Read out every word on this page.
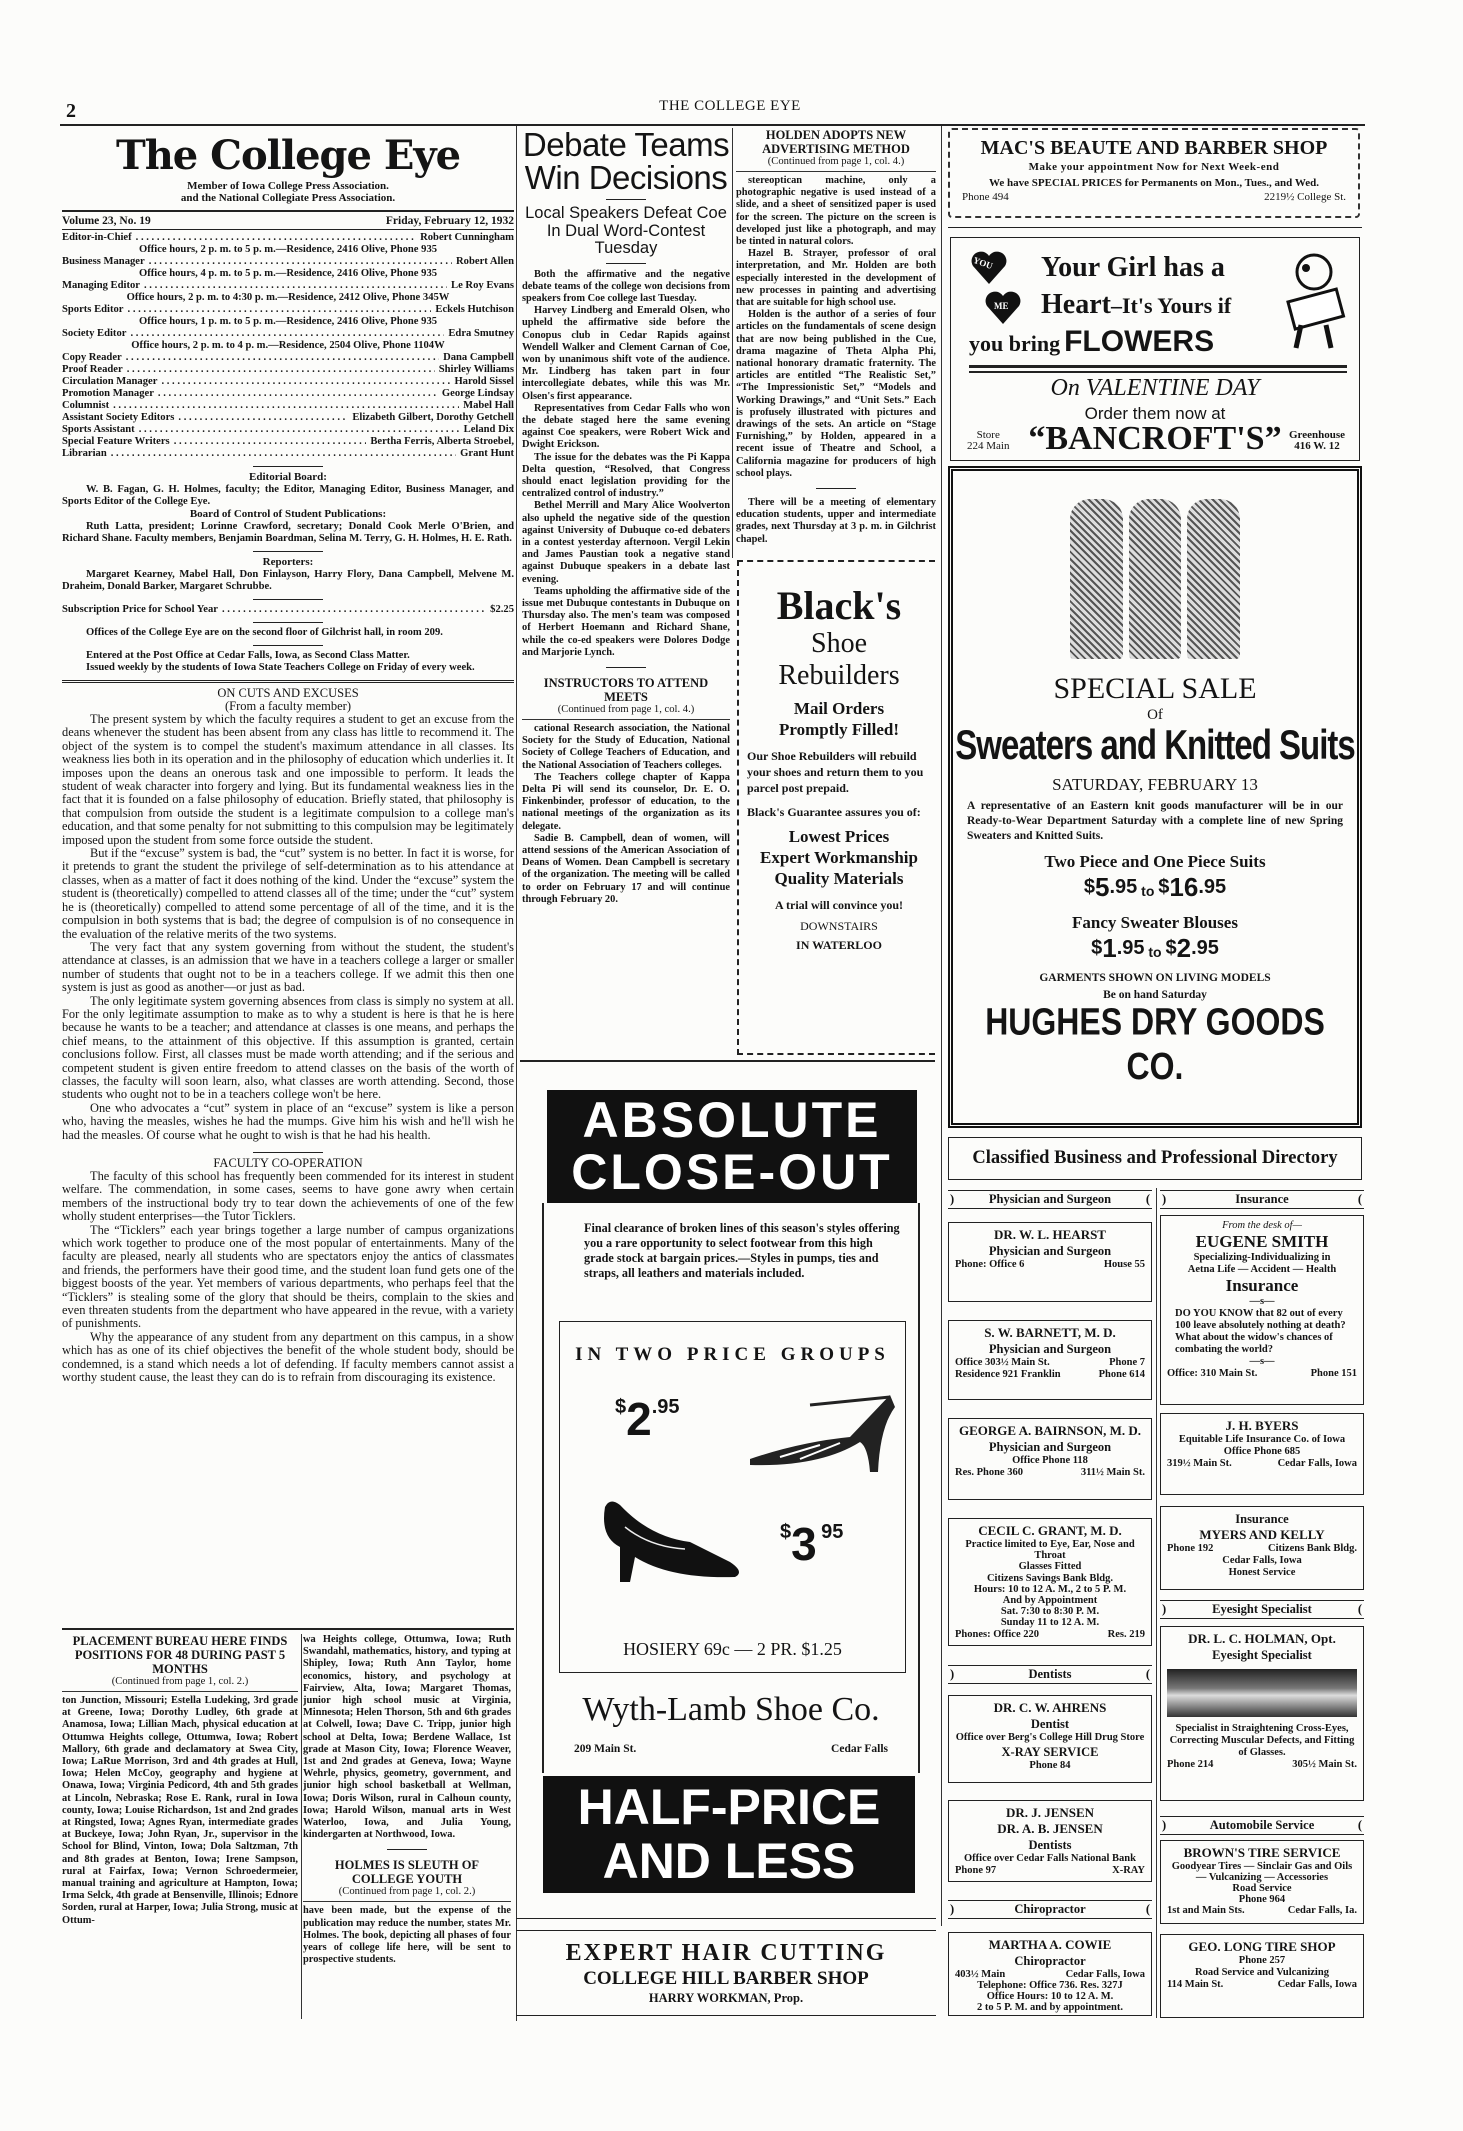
2	THE COLLEGE EYE
The College Eye
Member of Iowa College Press Association.
and the National Collegiate Press Association.
Volume 23, No. 19	Friday, February 12, 1932
Editor-in-Chief . . .	Robert Cunningham
Office hours, 2 p. m. to 5 p. m.—Residence, 2416 Olive, Phone 935
Business Manager . . .	Robert Allen
Office hours, 4 p. m. to 5 p. m.—Residence, 2416 Olive, Phone 935
Managing Editor . . .	Le Roy Evans
Office hours, 2 p. m. to 4:30 p. m.—Residence, 2412 Olive, Phone 345W
Sports Editor . . .	Eckels Hutchison
Office hours, 1 p. m. to 5 p. m.—Residence, 2416 Olive, Phone 935
Society Editor . . .	Edra Smutney
Office hours, 2 p. m. to 4 p. m.—Residence, 2504 Olive, Phone 1104W
Copy Reader . . .	Dana Campbell
Proof Reader . . .	Shirley Williams
Circulation Manager . . .	Harold Sissel
Promotion Manager . . .	George Lindsay
Columnist . . .	Mabel Hall
Assistant Society Editors . . .	Elizabeth Gilbert, Dorothy Getchell
Sports Assistant . . .	Leland Dix
Special Feature Writers . . .	Bertha Ferris, Alberta Stroebel,
Librarian . . .	Grant Hunt
Editorial Board:

W. B. Fagan, G. H. Holmes, faculty; the Editor, Managing Editor, Business Manager, and Sports Editor of the College Eye.

Board of Control of Student Publications:

Ruth Latta, president; Lorinne Crawford, secretary; Donald Cook Merle O'Brien, and Richard Shane. Faculty members, Benjamin Boardman, Selina M. Terry, G. H. Holmes, H. E. Rath.

Reporters:

Margaret Kearney, Mabel Hall, Don Finlayson, Harry Flory, Dana Campbell, Melvene M. Draheim, Donald Barker, Margaret Schrubbe.

Subscription Price for School Year . . .	$2.25

Offices of the College Eye are on the second floor of Gilchrist hall, in room 209.

Entered at the Post Office at Cedar Falls, Iowa, as Second Class Matter.

Issued weekly by the students of Iowa State Teachers College on Friday of every week.

ON CUTS AND EXCUSES
(From a faculty member)

The present system by which the faculty requires a student to get an excuse from the deans whenever the student has been absent from any class has little to recommend it. The object of the system is to compel the student's maximum attendance in all classes. Its weakness lies both in its operation and in the philosophy of education which underlies it. It imposes upon the deans an onerous task and one impossible to perform. It leads the student of weak character into forgery and lying. But its fundamental weakness lies in the fact that it is founded on a false philosophy of education. Briefly stated, that philosophy is that compulsion from outside the student is a legitimate compulsion to a college man's education, and that some penalty for not submitting to this compulsion may be legitimately imposed upon the student from some force outside the student.

But if the “excuse” system is bad, the “cut” system is no better. In fact it is worse, for it pretends to grant the student the privilege of self-determination as to his attendance at classes, when as a matter of fact it does nothing of the kind. Under the “excuse” system the student is (theoretically) compelled to attend classes all of the time; under the “cut” system he is (theoretically) compelled to attend some percentage of all of the time, and it is the compulsion in both systems that is bad; the degree of compulsion is of no consequence in the evaluation of the relative merits of the two systems.

The very fact that any system governing from without the student, the student's attendance at classes, is an admission that we have in a teachers college a larger or smaller number of students that ought not to be in a teachers college. If we admit this then one system is just as good as another—or just as bad.

The only legitimate system governing absences from class is simply no system at all. For the only legitimate assumption to make as to why a student is here is that he is here because he wants to be a teacher; and attendance at classes is one means, and perhaps the chief means, to the attainment of this objective. If this assumption is granted, certain conclusions follow. First, all classes must be made worth attending; and if the serious and competent student is given entire freedom to attend classes on the basis of the worth of classes, the faculty will soon learn, also, what classes are worth attending. Second, those students who ought not to be in a teachers college won't be here.

One who advocates a “cut” system in place of an “excuse” system is like a person who, having the measles, wishes he had the mumps. Give him his wish and he'll wish he had the measles. Of course what he ought to wish is that he had his health.

FACULTY CO-OPERATION

The faculty of this school has frequently been commended for its interest in student welfare. The commendation, in some cases, seems to have gone awry when certain members of the instructional body try to tear down the achievements of one of the few wholly student enterprises—the Tutor Ticklers.

The “Ticklers” each year brings together a large number of campus organizations which work together to produce one of the most popular of entertainments. Many of the faculty are pleased, nearly all students who are spectators enjoy the antics of classmates and friends, the performers have their good time, and the student loan fund gets one of the biggest boosts of the year. Yet members of various departments, who perhaps feel that the “Ticklers” is stealing some of the glory that should be theirs, complain to the skies and even threaten students from the department who have appeared in the revue, with a variety of punishments.

Why the appearance of any student from any department on this campus, in a show which has as one of its chief objectives the benefit of the whole student body, should be condemned, is a stand which needs a lot of defending. If faculty members cannot assist a worthy student cause, the least they can do is to refrain from discouraging its existence.

PLACEMENT BUREAU HERE FINDS POSITIONS FOR 48 DURING PAST 5 MONTHS
(Continued from page 1, col. 2.)

ton Junction, Missouri; Estella Ludeking, 3rd grade at Greene, Iowa; Dorothy Ludley, 6th grade at Anamosa, Iowa; Lillian Mach, physical education at Ottumwa Heights college, Ottumwa, Iowa; Robert Mallory, 6th grade and declamatory at Swea City, Iowa; LaRue Morrison, 3rd and 4th grades at Hull, Iowa; Helen McCoy, geography and hygiene at Onawa, Iowa; Virginia Pedicord, 4th and 5th grades at Lincoln, Nebraska; Rose E. Rank, rural in Iowa county, Iowa; Louise Richardson, 1st and 2nd grades at Ringsted, Iowa; Agnes Ryan, intermediate grades at Buckeye, Iowa; John Ryan, Jr., supervisor in the School for Blind, Vinton, Iowa; Dola Saltzman, 7th and 8th grades at Benton, Iowa; Irene Sampson, rural at Fairfax, Iowa; Vernon Schroedermeier, manual training and agriculture at Hampton, Iowa; Irma Selck, 4th grade at Bensenville, Illinois; Ednore Sorden, rural at Harper, Iowa; Julia Strong, music at Ottum-

wa Heights college, Ottumwa, Iowa; Ruth Swandahl, mathematics, history, and typing at Shipley, Iowa; Ruth Ann Taylor, home economics, history, and psychology at Fairview, Alta, Iowa; Margaret Thomas, junior high school music at Virginia, Minnesota; Helen Thorson, 5th and 6th grades at Colwell, Iowa; Dave C. Tripp, junior high school at Delta, Iowa; Berdene Wallace, 1st grade at Mason City, Iowa; Florence Weaver, 1st and 2nd grades at Geneva, Iowa; Wayne Wehrle, physics, geometry, government, and junior high school basketball at Wellman, Iowa; Doris Wilson, rural in Calhoun county, Iowa; Harold Wilson, manual arts in West Waterloo, Iowa, and Julia Young, kindergarten at Northwood, Iowa.

HOLMES IS SLEUTH OF COLLEGE YOUTH
(Continued from page 1, col. 2.)

have been made, but the expense of the publication may reduce the number, states Mr. Holmes. The book, depicting all phases of four years of college life here, will be sent to prospective students.

Debate Teams
Win Decisions
Local Speakers Defeat Coe In Dual Word-Contest Tuesday

Both the affirmative and the negative debate teams of the college won decisions from speakers from Coe college last Tuesday.

Harvey Lindberg and Emerald Olsen, who upheld the affirmative side before the Conopus club in Cedar Rapids against Wendell Walker and Clement Carnan of Coe, won by unanimous shift vote of the audience. Mr. Lindberg has taken part in four intercollegiate debates, while this was Mr. Olsen's first appearance.

Representatives from Cedar Falls who won the debate staged here the same evening against Coe speakers, were Robert Wick and Dwight Erickson.

The issue for the debates was the Pi Kappa Delta question, “Resolved, that Congress should enact legislation providing for the centralized control of industry.”

Bethel Merrill and Mary Alice Woolverton also upheld the negative side of the question against University of Dubuque co-ed debaters in a contest yesterday afternoon. Vergil Lekin and James Paustian took a negative stand against Dubuque speakers in a debate last evening.

Teams upholding the affirmative side of the issue met Dubuque contestants in Dubuque on Thursday also. The men's team was composed of Herbert Hoemann and Richard Shane, while the co-ed speakers were Dolores Dodge and Marjorie Lynch.

INSTRUCTORS TO ATTEND MEETS
(Continued from page 1, col. 4.)

cational Research association, the National Society for the Study of Education, National Society of College Teachers of Education, and the National Association of Teachers colleges.

The Teachers college chapter of Kappa Delta Pi will send its counselor, Dr. E. O. Finkenbinder, professor of education, to the national meetings of the organization as its delegate.

Sadie B. Campbell, dean of women, will attend sessions of the American Association of Deans of Women. Dean Campbell is secretary of the organization. The meeting will be called to order on February 17 and will continue through February 20.

HOLDEN ADOPTS NEW ADVERTISING METHOD
(Continued from page 1, col. 4.)

stereoptican machine, only a photographic negative is used instead of a slide, and a sheet of sensitized paper is used for the screen. The picture on the screen is developed just like a photograph, and may be tinted in natural colors.

Hazel B. Strayer, professor of oral interpretation, and Mr. Holden are both especially interested in the development of new processes in painting and advertising that are suitable for high school use.

Holden is the author of a series of four articles on the fundamentals of scene design that are now being published in the Cue, drama magazine of Theta Alpha Phi, national honorary dramatic fraternity. The articles are entitled “The Realistic Set,” “The Impressionistic Set,” “Models and Working Drawings,” and “Unit Sets.” Each is profusely illustrated with pictures and drawings of the sets. An article on “Stage Furnishing,” by Holden, appeared in a recent issue of Theatre and School, a California magazine for producers of high school plays.

There will be a meeting of elementary education students, upper and intermediate grades, next Thursday at 3 p. m. in Gilchrist chapel.

Black's
Shoe
Rebuilders
Mail Orders
Promptly Filled!
Our Shoe Rebuilders will rebuild your shoes and return them to you parcel post prepaid.
Black's Guarantee assures you of:
Lowest Prices
Expert Workmanship
Quality Materials
A trial will convince you!
DOWNSTAIRS
IN WATERLOO
ABSOLUTE
CLOSE-OUT
Final clearance of broken lines of this season's styles offering you a rare opportunity to select footwear from this high grade stock at bargain prices.—Styles in pumps, ties and straps, all leathers and materials included.
IN TWO PRICE GROUPS
$^{\$}2^{.95}$
$3 $^{95}$
HOSIERY 69c — 2 PR. $1.25
Wyth-Lamb Shoe Co.
209 Main St.	Cedar Falls
HALF-PRICE
AND LESS
EXPERT HAIR CUTTING
COLLEGE HILL BARBER SHOP
HARRY WORKMAN, Prop.
MAC'S BEAUTE AND BARBER SHOP
Make your appointment Now for Next Week-end
We have SPECIAL PRICES for Permanents on Mon., Tues., and Wed.
Phone 494	2219½ College St.
YOU
ME
Your Girl has a
Heart–It's Yours if
you bring FLOWERS
On VALENTINE DAY
Order them now at
“BANCROFT'S”
Store
224 Main
Greenhouse
416 W. 12
SPECIAL SALE
Of
Sweaters and Knitted Suits
SATURDAY, FEBRUARY 13
A representative of an Eastern knit goods manufacturer will be in our Ready-to-Wear Department Saturday with a complete line of new Spring Sweaters and Knitted Suits.
Two Piece and One Piece Suits
$^{\$}5^{.95}$ to $^{\$}16^{.95}$
Fancy Sweater Blouses
$^{\$}1^{.95}$ to $^{\$}2^{.95}$
GARMENTS SHOWN ON LIVING MODELS
Be on hand Saturday
HUGHES DRY GOODS CO.
Classified Business and Professional Directory
) Physician and Surgeon (
DR. W. L. HEARST
Physician and Surgeon
Phone: Office 6	House 55
S. W. BARNETT, M. D.
Physician and Surgeon
Office 303½ Main St.	Phone 7
Residence 921 Franklin	Phone 614
GEORGE A. BAIRNSON, M. D.
Physician and Surgeon
Office Phone 118
Res. Phone 360	311½ Main St.
CECIL C. GRANT, M. D.
Practice limited to Eye, Ear, Nose and Throat
Glasses Fitted
Citizens Savings Bank Bldg.
Hours: 10 to 12 A. M., 2 to 5 P. M.
And by Appointment
Sat. 7:30 to 8:30 P. M.
Sunday 11 to 12 A. M.
Phones: Office 220	Res. 219
) Dentists (
DR. C. W. AHRENS
Dentist
Office over Berg's College Hill Drug Store
X-RAY SERVICE
Phone 84
DR. J. JENSEN
DR. A. B. JENSEN
Dentists
Office over Cedar Falls National Bank
Phone 97	X-RAY
) Chiropractor (
MARTHA A. COWIE
Chiropractor
403½ Main	Cedar Falls, Iowa
Telephone: Office 736. Res. 327J
Office Hours: 10 to 12 A. M.
2 to 5 P. M. and by appointment.
) Insurance (
From the desk of—
EUGENE SMITH
Specializing-Individualizing in
Aetna Life — Accident — Health
Insurance
—s—
DO YOU KNOW that 82 out of every 100 leave absolutely nothing at death? What about the widow's chances of combating the world?
—s—
Office: 310 Main St.	Phone 151
J. H. BYERS
Equitable Life Insurance Co. of Iowa
Office Phone 685
319½ Main St.	Cedar Falls, Iowa
Insurance
MYERS AND KELLY
Phone 192	Citizens Bank Bldg.
Cedar Falls, Iowa
Honest Service
) Eyesight Specialist (
DR. L. C. HOLMAN, Opt.
Eyesight Specialist
Specialist in Straightening Cross-Eyes, Correcting Muscular Defects, and Fitting of Glasses.
Phone 214	305½ Main St.
) Automobile Service (
BROWN'S TIRE SERVICE
Goodyear Tires — Sinclair Gas and Oils — Vulcanizing — Accessories
Road Service
Phone 964
1st and Main Sts.	Cedar Falls, Ia.
GEO. LONG TIRE SHOP
Phone 257
Road Service and Vulcanizing
114 Main St.	Cedar Falls, Iowa
